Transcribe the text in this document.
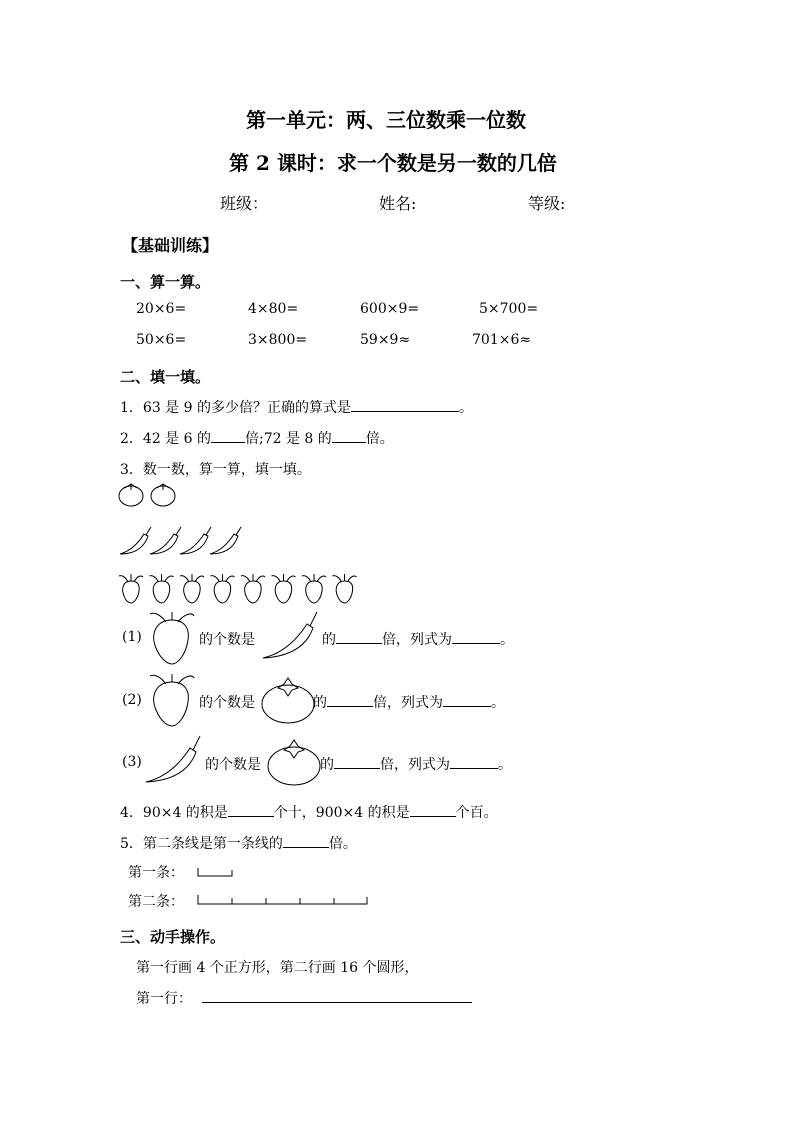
第一单元：两、三位数乘一位数
第 2 课时：求一个数是另一数的几倍
班级：	姓名:	等级:
【基础训练】
一、算一算。
20×6=	4×80=	600×9=	5×700=
50×6=	3×800=	59×9≈	701×6≈
二、填一填。
1．63 是 9 的多少倍？正确的算式是	。
2．42 是 6 的 倍;72 是 8 的 倍。
3．数一数，算一算，填一填。
(1)	的个数是	的	倍，列式为	。
(2)	的个数是	的	倍，列式为	。
(3)	的个数是	的	倍，列式为	。
4．90×4 的积是	个十，900×4 的积是	个百。
5．第二条线是第一条线的	倍。
第一条：
第二条：
三、动手操作。
第一行画 4 个正方形，第二行画 16 个圆形，
第一行：
